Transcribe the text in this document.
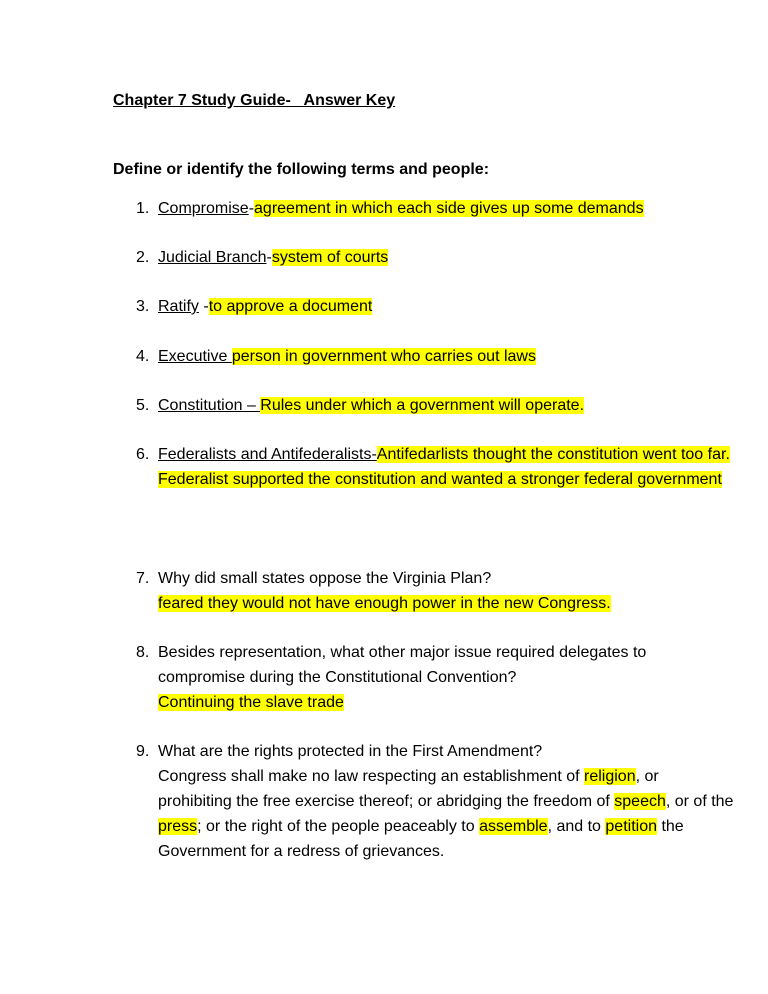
Chapter 7 Study Guide-   Answer Key
Define or identify the following terms and people:
1. Compromise-agreement in which each side gives up some demands
2. Judicial Branch-system of courts
3. Ratify -to approve a document
4. Executive person in government who carries out laws
5. Constitution – Rules under which a government will operate.
6. Federalists and Antifederalists-Antifedarlists thought the constitution went too far. Federalist supported the constitution and wanted a stronger federal government
7. Why did small states oppose the Virginia Plan?
feared they would not have enough power in the new Congress.
8. Besides representation, what other major issue required delegates to compromise during the Constitutional Convention?
Continuing the slave trade
9. What are the rights protected in the First Amendment?
Congress shall make no law respecting an establishment of religion, or prohibiting the free exercise thereof; or abridging the freedom of speech, or of the press; or the right of the people peaceably to assemble, and to petition the Government for a redress of grievances.
